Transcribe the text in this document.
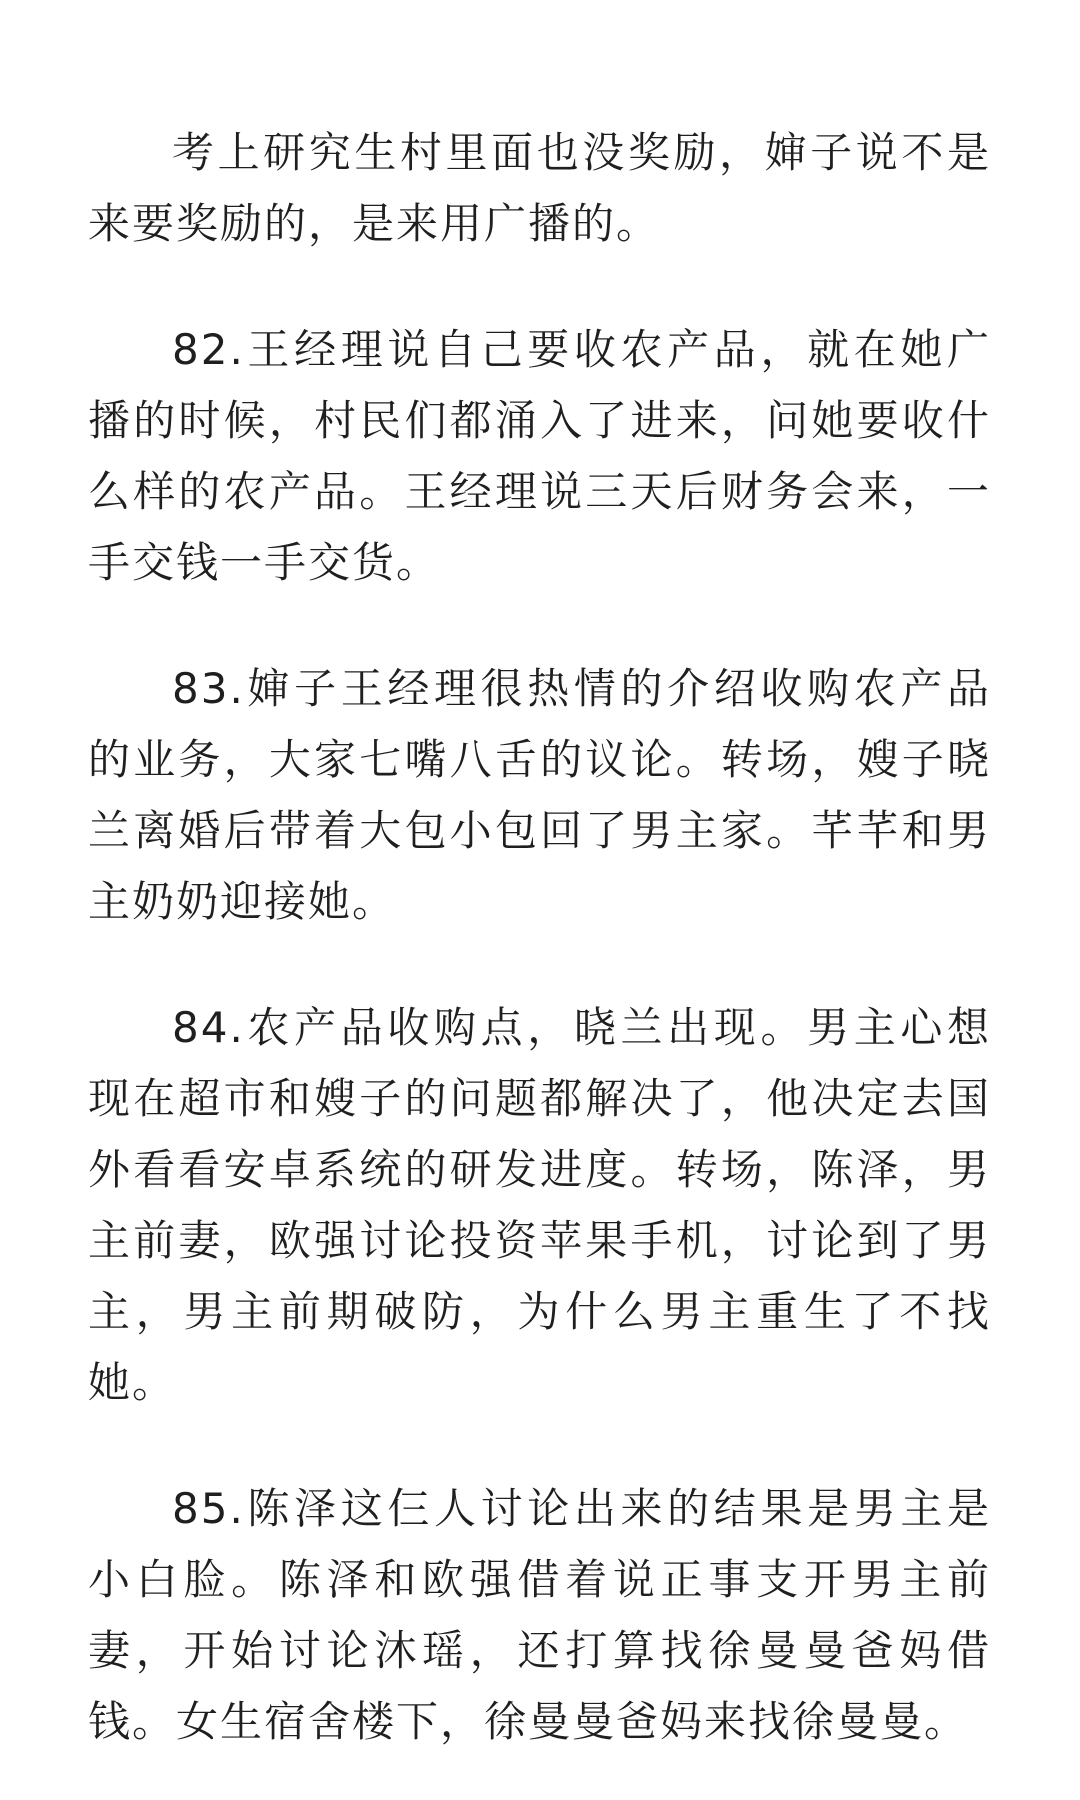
考上研究生村里面也没奖励，婶子说不是来要奖励的，是来用广播的。

82.王经理说自己要收农产品，就在她广播的时候，村民们都涌入了进来，问她要收什么样的农产品。王经理说三天后财务会来，一手交钱一手交货。

83.婶子王经理很热情的介绍收购农产品的业务，大家七嘴八舌的议论。转场，嫂子晓兰离婚后带着大包小包回了男主家。芊芊和男主奶奶迎接她。

84.农产品收购点，晓兰出现。男主心想现在超市和嫂子的问题都解决了，他决定去国外看看安卓系统的研发进度。转场，陈泽，男主前妻，欧强讨论投资苹果手机，讨论到了男主，男主前期破防，为什么男主重生了不找她。

85.陈泽这仨人讨论出来的结果是男主是小白脸。陈泽和欧强借着说正事支开男主前妻，开始讨论沐瑶，还打算找徐曼曼爸妈借钱。女生宿舍楼下，徐曼曼爸妈来找徐曼曼。
